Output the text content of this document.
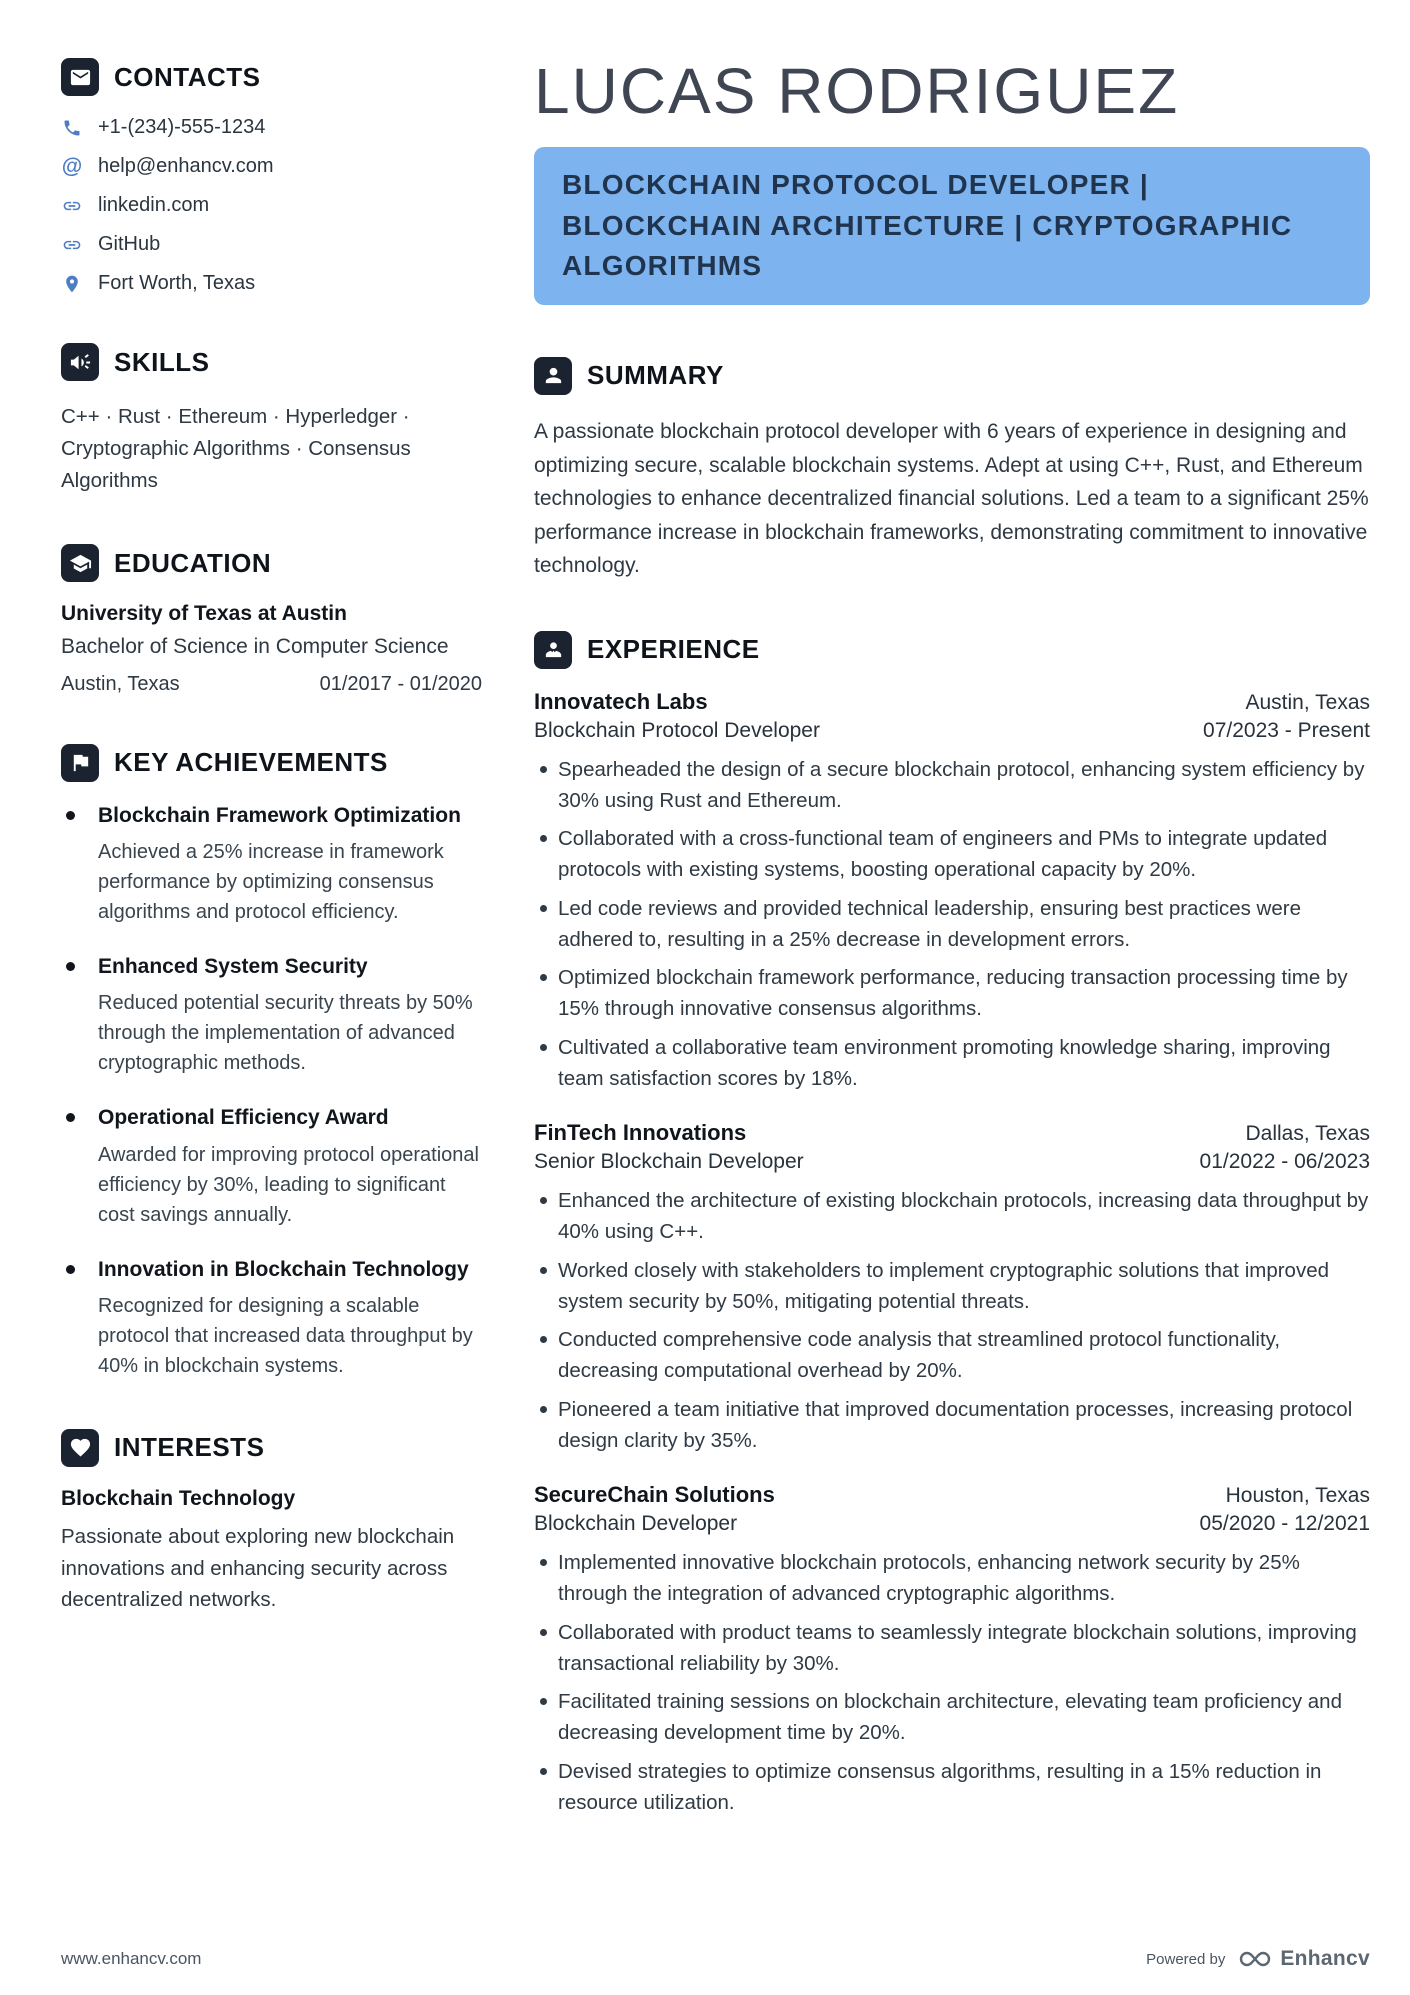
CONTACTS
+1-(234)-555-1234
@ help@enhancv.com
linkedin.com
GitHub
Fort Worth, Texas
SKILLS
C++ · Rust · Ethereum · Hyperledger · Cryptographic Algorithms · Consensus Algorithms
EDUCATION
University of Texas at Austin
Bachelor of Science in Computer Science
Austin, Texas	01/2017 - 01/2020
KEY ACHIEVEMENTS
Blockchain Framework Optimization
Achieved a 25% increase in framework performance by optimizing consensus algorithms and protocol efficiency.
Enhanced System Security
Reduced potential security threats by 50% through the implementation of advanced cryptographic methods.
Operational Efficiency Award
Awarded for improving protocol operational efficiency by 30%, leading to significant cost savings annually.
Innovation in Blockchain Technology
Recognized for designing a scalable protocol that increased data throughput by 40% in blockchain systems.
INTERESTS
Blockchain Technology
Passionate about exploring new blockchain innovations and enhancing security across decentralized networks.
LUCAS RODRIGUEZ
BLOCKCHAIN PROTOCOL DEVELOPER | BLOCKCHAIN ARCHITECTURE | CRYPTOGRAPHIC ALGORITHMS
SUMMARY

A passionate blockchain protocol developer with 6 years of experience in designing and optimizing secure, scalable blockchain systems. Adept at using C++, Rust, and Ethereum technologies to enhance decentralized financial solutions. Led a team to a significant 25% performance increase in blockchain frameworks, demonstrating commitment to innovative technology.

EXPERIENCE
Innovatech Labs	Austin, Texas
Blockchain Protocol Developer	07/2023 - Present
Spearheaded the design of a secure blockchain protocol, enhancing system efficiency by 30% using Rust and Ethereum.
Collaborated with a cross-functional team of engineers and PMs to integrate updated protocols with existing systems, boosting operational capacity by 20%.
Led code reviews and provided technical leadership, ensuring best practices were adhered to, resulting in a 25% decrease in development errors.
Optimized blockchain framework performance, reducing transaction processing time by 15% through innovative consensus algorithms.
Cultivated a collaborative team environment promoting knowledge sharing, improving team satisfaction scores by 18%.
FinTech Innovations	Dallas, Texas
Senior Blockchain Developer	01/2022 - 06/2023
Enhanced the architecture of existing blockchain protocols, increasing data throughput by 40% using C++.
Worked closely with stakeholders to implement cryptographic solutions that improved system security by 50%, mitigating potential threats.
Conducted comprehensive code analysis that streamlined protocol functionality, decreasing computational overhead by 20%.
Pioneered a team initiative that improved documentation processes, increasing protocol design clarity by 35%.
SecureChain Solutions	Houston, Texas
Blockchain Developer	05/2020 - 12/2021
Implemented innovative blockchain protocols, enhancing network security by 25% through the integration of advanced cryptographic algorithms.
Collaborated with product teams to seamlessly integrate blockchain solutions, improving transactional reliability by 30%.
Facilitated training sessions on blockchain architecture, elevating team proficiency and decreasing development time by 20%.
Devised strategies to optimize consensus algorithms, resulting in a 15% reduction in resource utilization.
www.enhancv.com	Powered by	Enhancv
